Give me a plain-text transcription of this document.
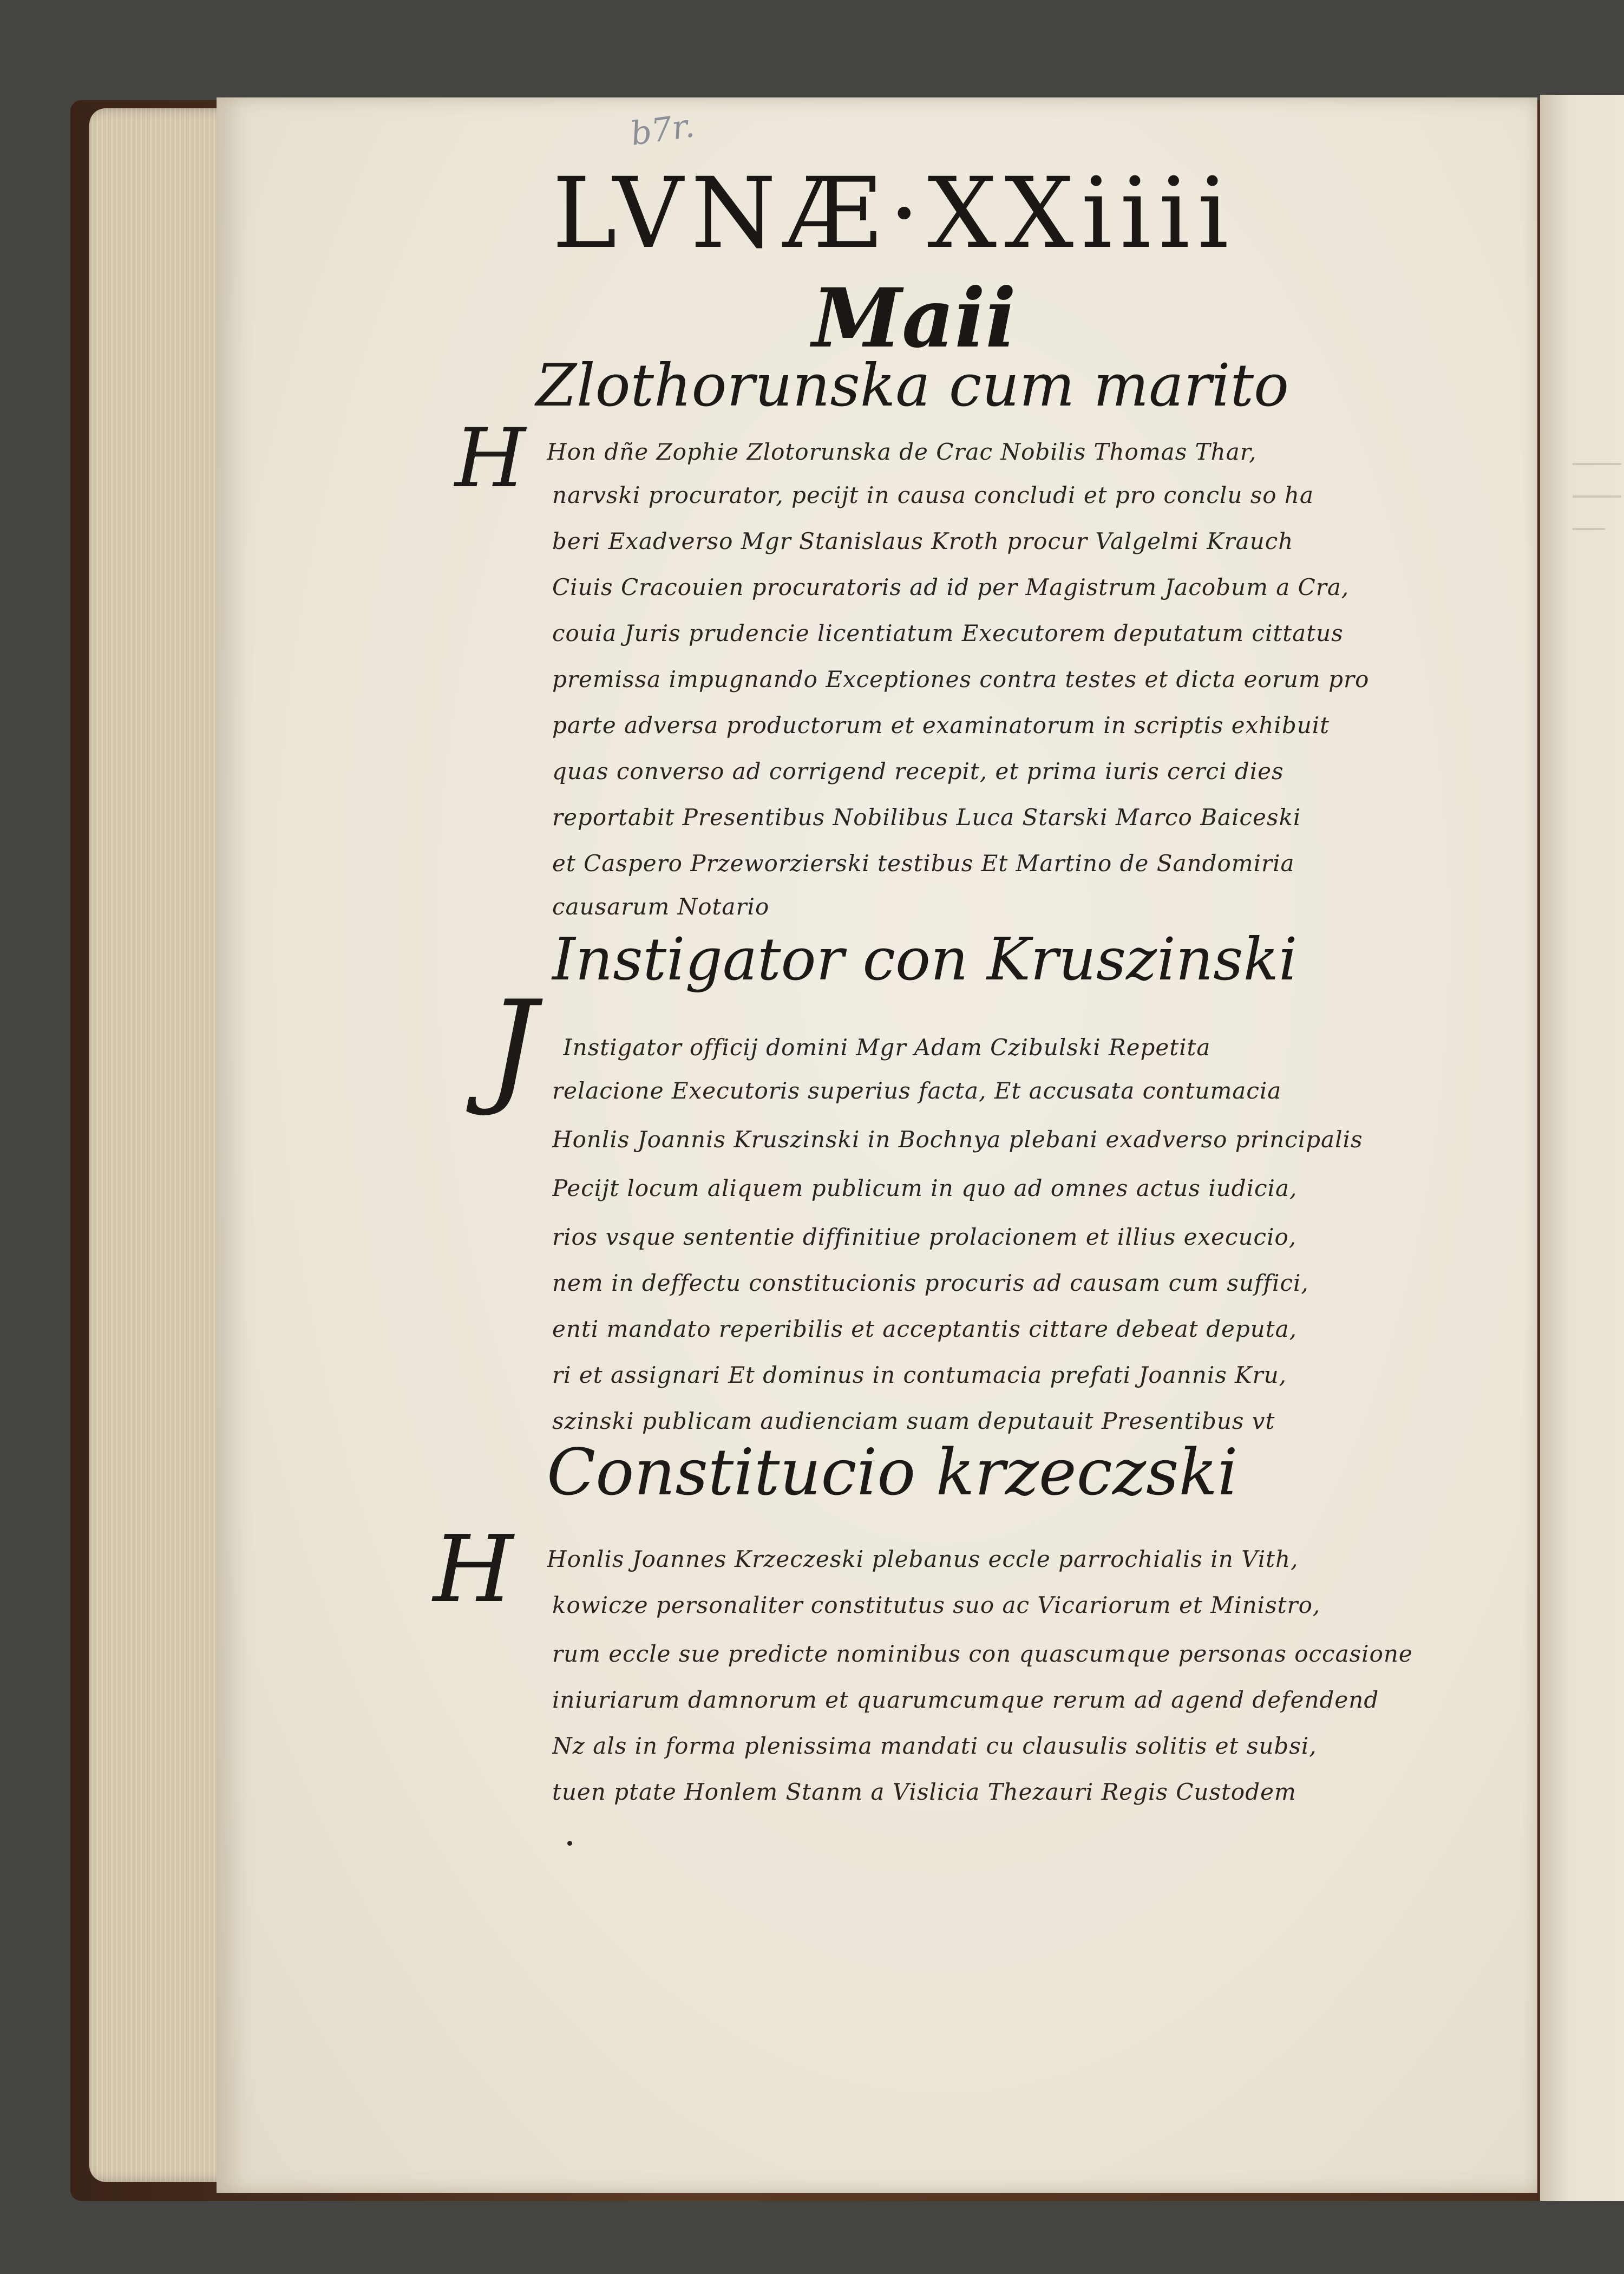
b7r.
LVNÆ·XXiiii
Maii
Zlothorunska cum marito
H Hon dñe Zophie Zlotorunska de Crac Nobilis Thomas Thar,
narvski procurator, pecijt in causa concludi et pro conclu so ha
beri Exadverso Mgr Stanislaus Kroth procur Valgelmi Krauch
Ciuis Cracouien procuratoris ad id per Magistrum Jacobum a Cra,
couia Juris prudencie licentiatum Executorem deputatum cittatus
premissa impugnando Exceptiones contra testes et dicta eorum pro
parte adversa productorum et examinatorum in scriptis exhibuit
quas converso ad corrigend recepit, et prima iuris cerci dies
reportabit Presentibus Nobilibus Luca Starski Marco Baiceski
et Caspero Przeworzierski testibus Et Martino de Sandomiria
causarum Notario
Instigator con Kruszinski
J Instigator officij domini Mgr Adam Czibulski Repetita
relacione Executoris superius facta, Et accusata contumacia
Honlis Joannis Kruszinski in Bochnya plebani exadverso principalis
Pecijt locum aliquem publicum in quo ad omnes actus iudicia,
rios vsque sententie diffinitiue prolacionem et illius execucio,
nem in deffectu constitucionis procuris ad causam cum suffici,
enti mandato reperibilis et acceptantis cittare debeat deputa,
ri et assignari Et dominus in contumacia prefati Joannis Kru,
szinski publicam audienciam suam deputauit Presentibus vt
Constitucio krzeczski
H Honlis Joannes Krzeczeski plebanus eccle parrochialis in Vith,
kowicze personaliter constitutus suo ac Vicariorum et Ministro,
rum eccle sue predicte nominibus con quascumque personas occasione
iniuriarum damnorum et quarumcumque rerum ad agend defendend
Nz als in forma plenissima mandati cu clausulis solitis et subsi,
tuen ptate Honlem Stanm a Vislicia Thezauri Regis Custodem
